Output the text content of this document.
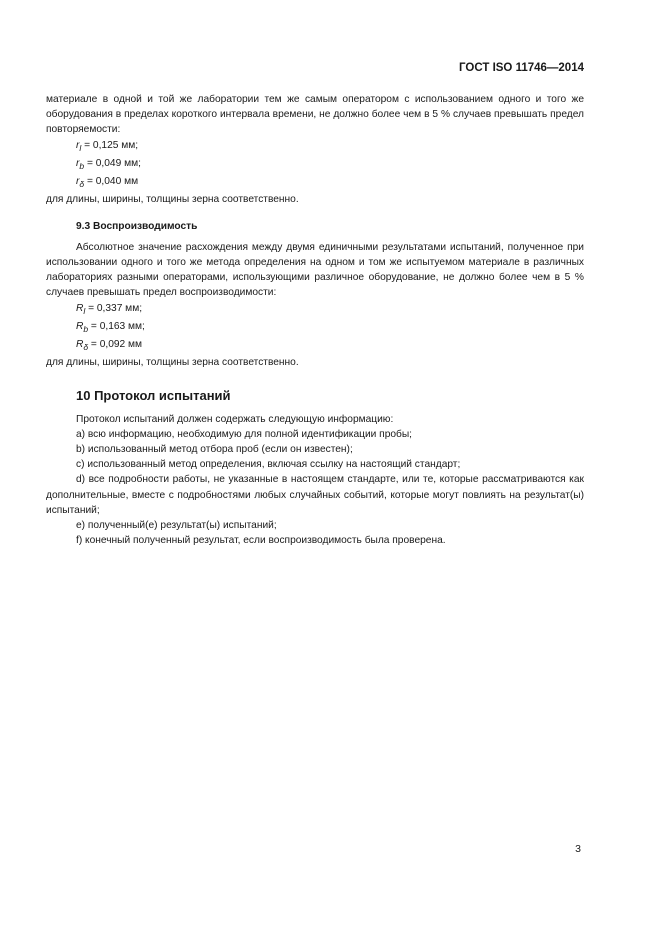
ГОСТ ISO 11746—2014

материале в одной и той же лаборатории тем же самым оператором с использованием одного и того же оборудования в пределах короткого интервала времени, не должно более чем в 5 % случаев превышать предел повторяемости:

$r_l = 0,125$ мм;
$r_b = 0,049$ мм;
$r_\delta = 0,040$ мм

для длины, ширины, толщины зерна соответственно.

9.3 Воспроизводимость

Абсолютное значение расхождения между двумя единичными результатами испытаний, полученное при использовании одного и того же метода определения на одном и том же испытуемом материале в различных лабораториях разными операторами, использующими различное оборудование, не должно более чем в 5 % случаев превышать предел воспроизводимости:

$R_l = 0,337$ мм;
$R_b = 0,163$ мм;
$R_\delta = 0,092$ мм

для длины, ширины, толщины зерна соответственно.

10 Протокол испытаний

Протокол испытаний должен содержать следующую информацию:

a) всю информацию, необходимую для полной идентификации пробы;

b) использованный метод отбора проб (если он известен);

c) использованный метод определения, включая ссылку на настоящий стандарт;

d) все подробности работы, не указанные в настоящем стандарте, или те, которые рассматриваются как дополнительные, вместе с подробностями любых случайных событий, которые могут повлиять на результат(ы) испытаний;

e) полученный(е) результат(ы) испытаний;

f) конечный полученный результат, если воспроизводимость была проверена.

3
